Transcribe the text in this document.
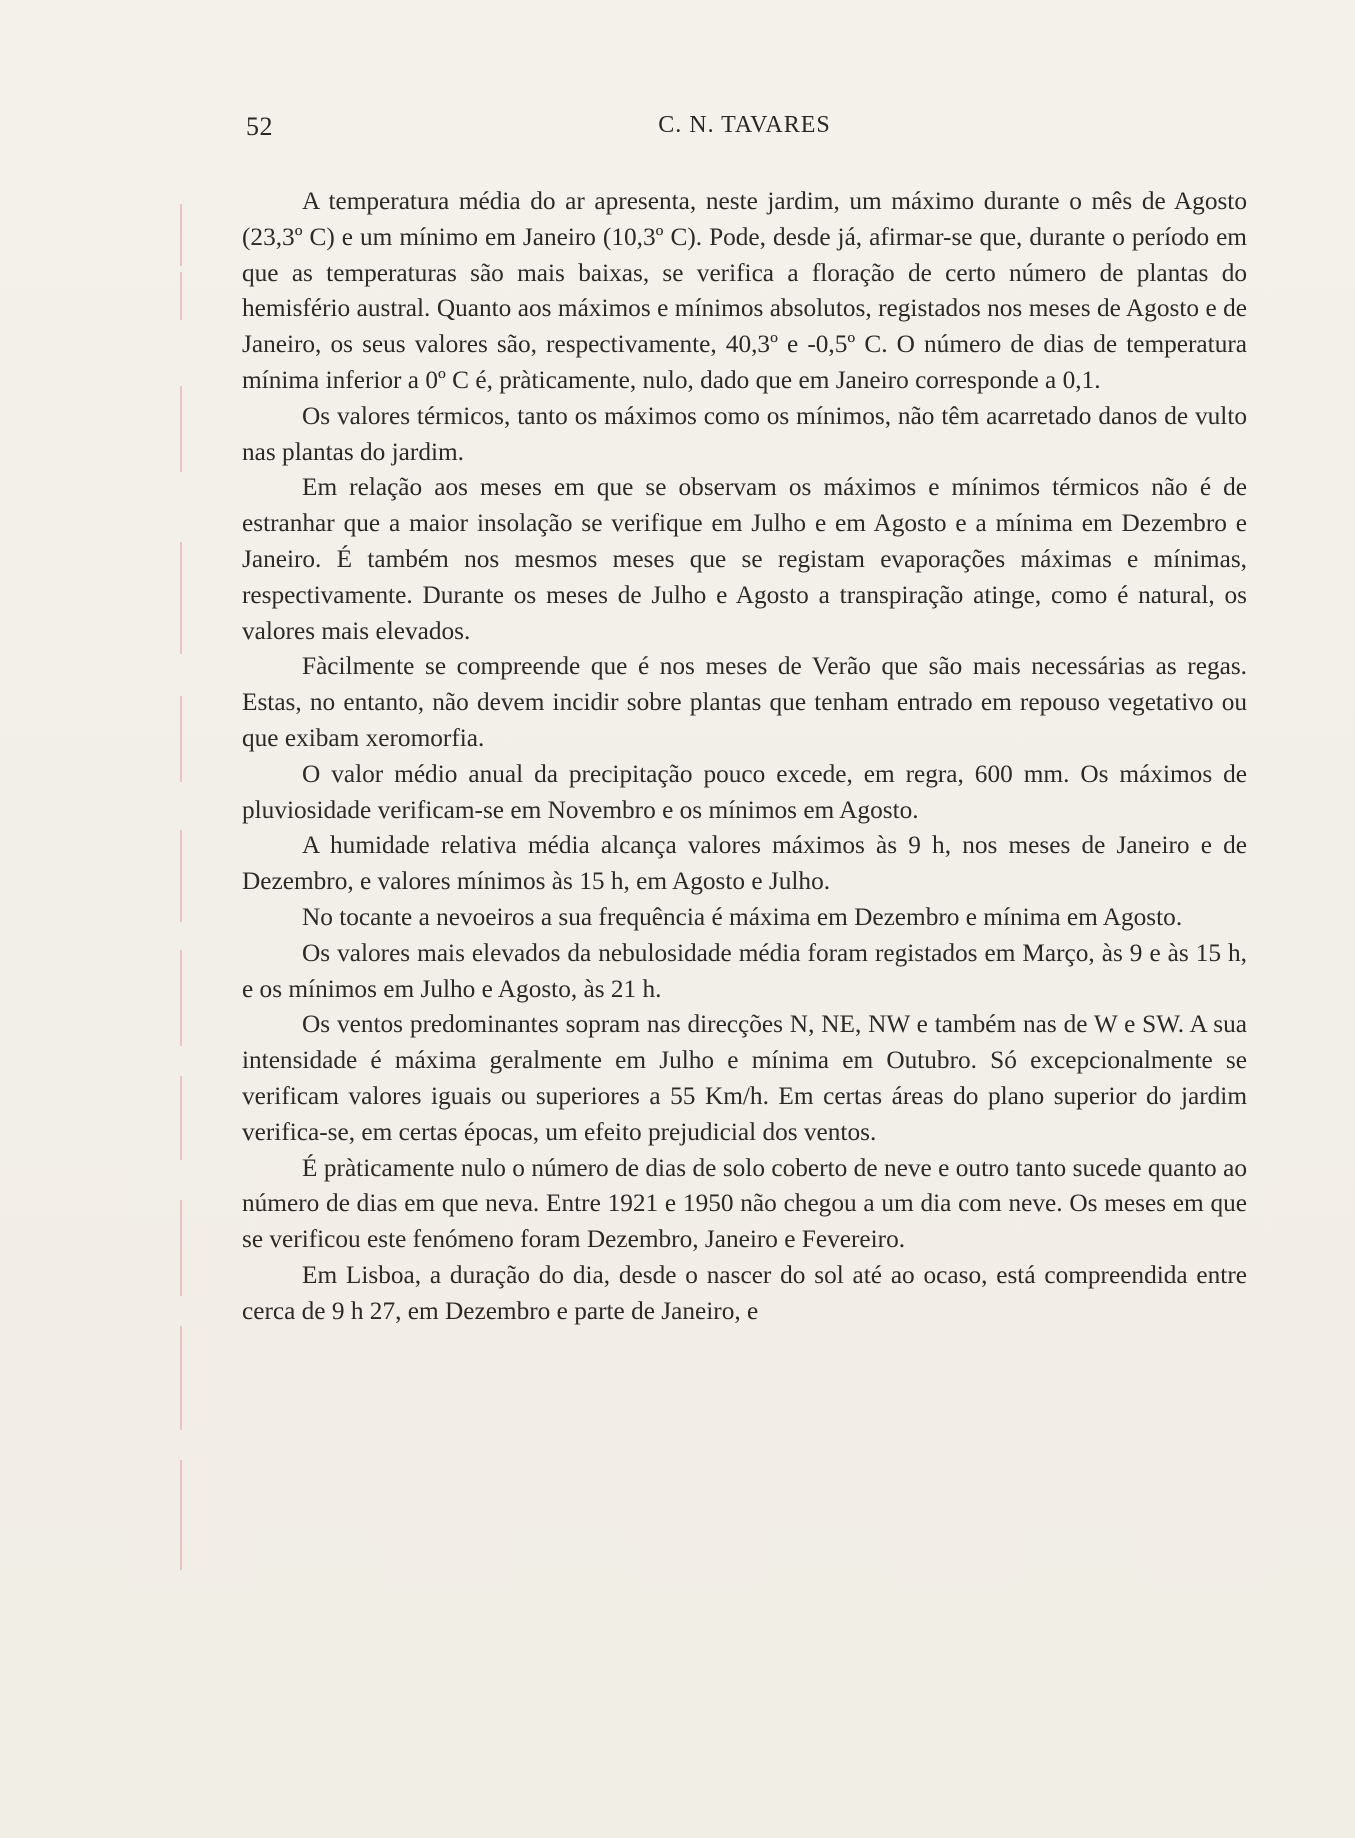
52	C. N. TAVARES

A temperatura média do ar apresenta, neste jardim, um máximo durante o mês de Agosto (23,3º C) e um mínimo em Janeiro (10,3º C). Pode, desde já, afirmar-se que, durante o período em que as temperaturas são mais baixas, se verifica a floração de certo número de plantas do hemisfério austral. Quanto aos máximos e mínimos absolutos, registados nos meses de Agosto e de Janeiro, os seus valores são, respectivamente, 40,3º e -0,5º C. O número de dias de temperatura mínima inferior a 0º C é, pràticamente, nulo, dado que em Janeiro corresponde a 0,1.

Os valores térmicos, tanto os máximos como os mínimos, não têm acarretado danos de vulto nas plantas do jardim.

Em relação aos meses em que se observam os máximos e mínimos térmicos não é de estranhar que a maior insolação se verifique em Julho e em Agosto e a mínima em Dezembro e Janeiro. É também nos mesmos meses que se registam evaporações máximas e mínimas, respectivamente. Durante os meses de Julho e Agosto a transpiração atinge, como é natural, os valores mais elevados.

Fàcilmente se compreende que é nos meses de Verão que são mais necessárias as regas. Estas, no entanto, não devem incidir sobre plantas que tenham entrado em repouso vegetativo ou que exibam xeromorfia.

O valor médio anual da precipitação pouco excede, em regra, 600 mm. Os máximos de pluviosidade verificam-se em Novembro e os mínimos em Agosto.

A humidade relativa média alcança valores máximos às 9 h, nos meses de Janeiro e de Dezembro, e valores mínimos às 15 h, em Agosto e Julho.

No tocante a nevoeiros a sua frequência é máxima em Dezembro e mínima em Agosto.

Os valores mais elevados da nebulosidade média foram registados em Março, às 9 e às 15 h, e os mínimos em Julho e Agosto, às 21 h.

Os ventos predominantes sopram nas direcções N, NE, NW e também nas de W e SW. A sua intensidade é máxima geralmente em Julho e mínima em Outubro. Só excepcionalmente se verificam valores iguais ou superiores a 55 Km/h. Em certas áreas do plano superior do jardim verifica-se, em certas épocas, um efeito prejudicial dos ventos.

É pràticamente nulo o número de dias de solo coberto de neve e outro tanto sucede quanto ao número de dias em que neva. Entre 1921 e 1950 não chegou a um dia com neve. Os meses em que se verificou este fenómeno foram Dezembro, Janeiro e Fevereiro.

Em Lisboa, a duração do dia, desde o nascer do sol até ao ocaso, está compreendida entre cerca de 9 h 27, em Dezembro e parte de Janeiro, e
